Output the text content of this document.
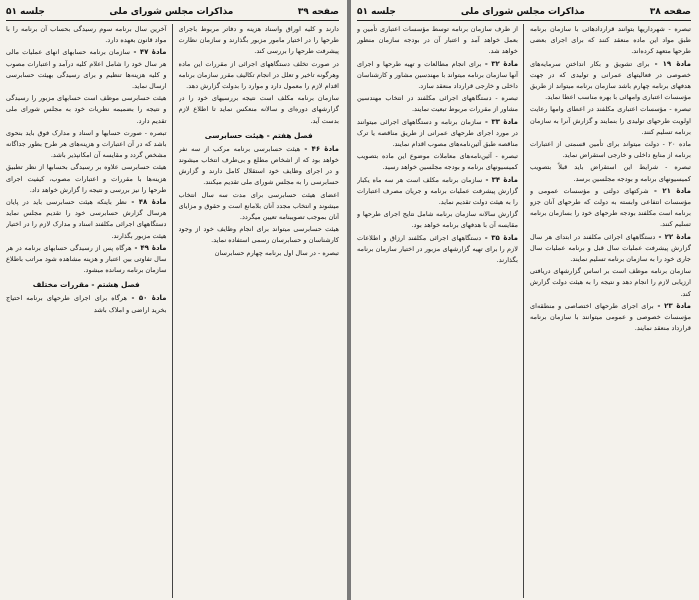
صفحه ۳۹
مذاکرات مجلس شورای ملی
جلسه ۵۱

دارند و کلیه اوراق واسناد هزینه و دفاتر مربوط باجرای طرحها را در اختیار مامور مزبور بگذارند و سازمان نظارت پیشرفت طرحها را بررسی کند.

در صورت تخلف دستگاههای اجرائی از مقررات این ماده وهرگونه تاخیر و تعلل در انجام تکالیف مقرر سازمان برنامه اقدام لازم را معمول دارد و موارد را بدولت گزارش دهد.

سازمان برنامه مکلف است نتیجه بررسیهای خود را در گزارشهای دوره‌ای و سالانه منعکس نماید تا اطلاع لازم بدست آید.

فصل هفتم - هیئت حسابرسی

مادهٔ ۴۶ - هیئت حسابرسی برنامه مرکب از سه نفر خواهد بود که از اشخاص مطلع و بی‌طرف انتخاب میشوند و در اجرای وظایف خود استقلال کامل دارند و گزارش حسابرسی را به مجلس شورای ملی تقدیم میکنند.

اعضای هیئت حسابرسی برای مدت سه سال انتخاب میشوند و انتخاب مجدد آنان بلامانع است و حقوق و مزایای آنان بموجب تصویبنامه تعیین میگردد.

هیئت حسابرسی میتواند برای انجام وظایف خود از وجود کارشناسان و حسابرسان رسمی استفاده نماید.

تبصره - در سال اول برنامه چهارم حسابرسان

آخرین سال برنامه سوم رسیدگی بحساب آن برنامه را با مواد قانون بعهده دارد.

مادهٔ ۴۷ - سازمان برنامه حسابهای انهای عملیات مالی هر سال خود را شامل اعلام کلیه درآمد و اعتبارات مصوب و کلیه هزینه‌ها تنظیم و برای رسیدگی بهیئت حسابرسی ارسال نماید.

هیئت حسابرسی موظف است حسابهای مزبور را رسیدگی و نتیجه را بضمیمه نظریات خود به مجلس شورای ملی تقدیم دارد.

تبصره - صورت حسابها و اسناد و مدارک فوق باید بنحوی باشد که در آن اعتبارات و هزینه‌های هر طرح بطور جداگانه مشخص گردد و مقایسه آن امکانپذیر باشد.

هیئت حسابرسی علاوه بر رسیدگی بحسابها از نظر تطبیق هزینه‌ها با مقررات و اعتبارات مصوب، کیفیت اجرای طرحها را نیز بررسی و نتیجه را گزارش خواهد داد.

مادهٔ ۴۸ - نظر باینکه هیئت حسابرسی باید در پایان هرسال گزارش حسابرسی خود را تقدیم مجلس نماید دستگاههای اجرائی مکلفند اسناد و مدارک لازم را در اختیار هیئت مزبور بگذارند.

مادهٔ ۴۹ - هرگاه پس از رسیدگی حسابهای برنامه در هر سال تفاوتی بین اعتبار و هزینه مشاهده شود مراتب باطلاع سازمان برنامه رسانده میشود.

فصل هشتم - مقررات مختلف

مادهٔ ۵۰ - هرگاه برای اجرای طرحهای برنامه احتیاج بخرید اراضی و املاک باشد

صفحه ۳۸
مذاکرات مجلس شورای ملی
جلسه ۵۱

تبصره - شهرداریها بتوانند قراردادهائی با سازمان برنامه طبق مواد این ماده منعقد کنند که برای اجرای بعضی طرحها متعهد کرده‌اند.

مادهٔ ۱۹ - برای تشویق و بکار انداختن سرمایه‌های خصوصی در فعالیتهای عمرانی و تولیدی که در جهت هدفهای برنامه چهارم باشد سازمان برنامه میتواند از طریق مؤسسات اعتباری وامهائی با بهره مناسب اعطا نماید.

تبصره - مؤسسات اعتباری مکلفند در اعطای وامها رعایت اولویت طرحهای تولیدی را بنمایند و گزارش آنرا به سازمان برنامه تسلیم کنند.

ماده ۲۰ - دولت میتواند برای تأمین قسمتی از اعتبارات برنامه از منابع داخلی و خارجی استقراض نماید.

تبصره - شرایط این استقراض باید قبلاً بتصویب کمیسیونهای برنامه و بودجه مجلسین برسد.

مادهٔ ۲۱ - شرکتهای دولتی و مؤسسات عمومی و مؤسسات انتفاعی وابسته به دولت که طرحهای آنان جزو برنامه است مکلفند بودجه طرحهای خود را بسازمان برنامه تسلیم کنند.

مادهٔ ۲۲ - دستگاههای اجرائی مکلفند در ابتدای هر سال گزارش پیشرفت عملیات سال قبل و برنامه عملیات سال جاری خود را به سازمان برنامه تسلیم نمایند.

سازمان برنامه موظف است بر اساس گزارشهای دریافتی ارزیابی لازم را انجام دهد و نتیجه را به هیئت دولت گزارش کند.

مادهٔ ۲۳ - برای اجرای طرحهای اختصاصی و منطقه‌ای مؤسسات خصوصی و عمومی میتوانند با سازمان برنامه قرارداد منعقد نمایند.

از طرف سازمان برنامه توسط مؤسسات اعتباری تأمین و بعمل خواهد آمد و اعتبار آن در بودجه سازمان منظور خواهد شد.

مادهٔ ۳۲ - برای انجام مطالعات و تهیه طرحها و اجرای آنها سازمان برنامه میتواند با مهندسین مشاور و کارشناسان داخلی و خارجی قرارداد منعقد سازد.

تبصره - دستگاههای اجرائی مکلفند در انتخاب مهندسین مشاور از مقررات مربوط تبعیت نمایند.

مادهٔ ۳۳ - سازمان برنامه و دستگاههای اجرائی میتوانند در مورد اجرای طرحهای عمرانی از طریق مناقصه یا ترک مناقصه طبق آئین‌نامه‌های مصوب اقدام نمایند.

تبصره - آئین‌نامه‌های معاملات موضوع این ماده بتصویب کمیسیونهای برنامه و بودجه مجلسین خواهد رسید.

مادهٔ ۳۴ - سازمان برنامه مکلف است هر سه ماه یکبار گزارش پیشرفت عملیات برنامه و جریان مصرف اعتبارات را به هیئت دولت تقدیم نماید.

گزارش سالانه سازمان برنامه شامل نتایج اجرای طرحها و مقایسه آن با هدفهای برنامه خواهد بود.

مادهٔ ۳۵ - دستگاههای اجرائی مکلفند ارزاق و اطلاعات لازم را برای تهیه گزارشهای مزبور در اختیار سازمان برنامه بگذارند.
